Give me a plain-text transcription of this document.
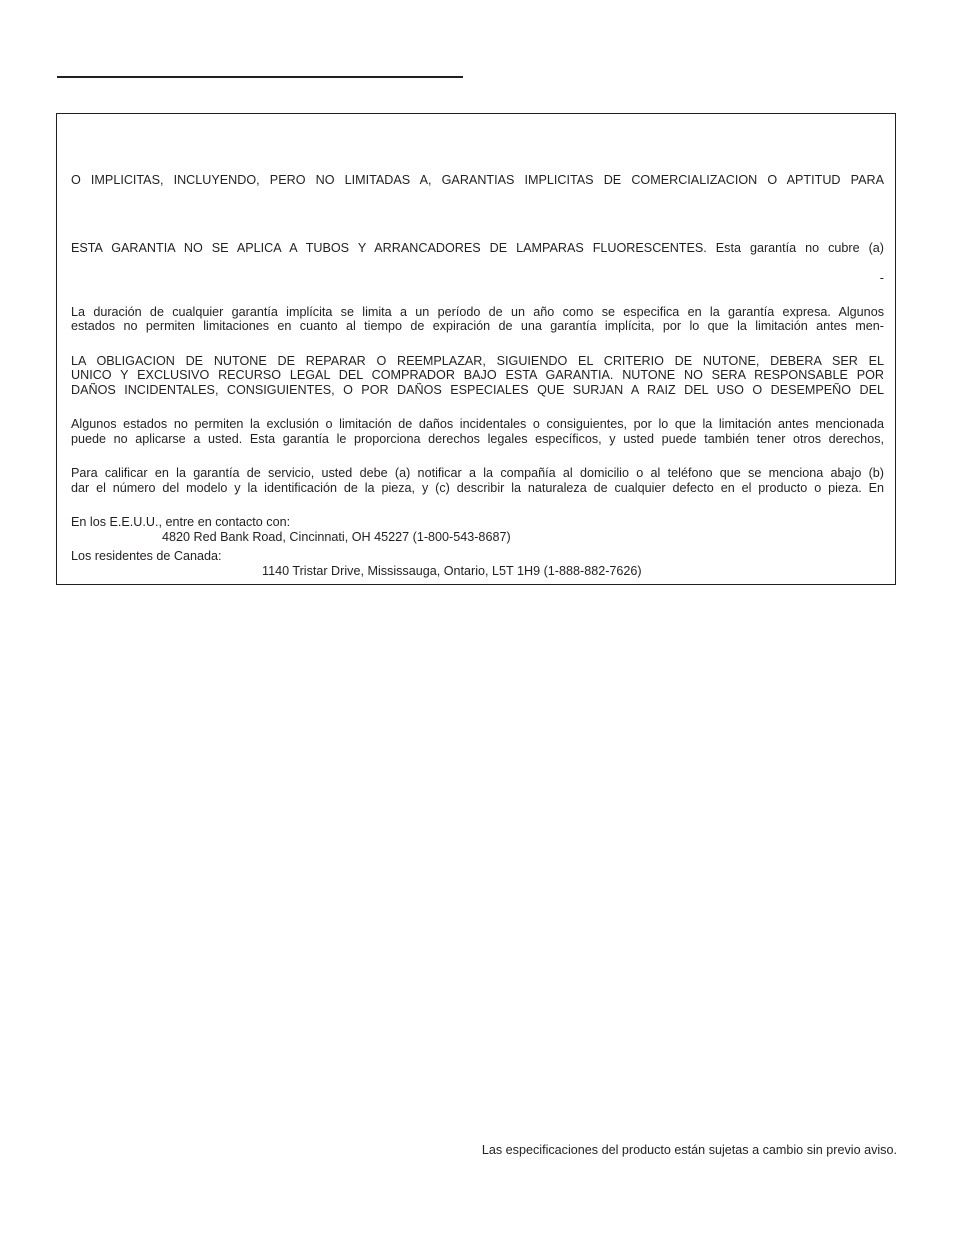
O IMPLICITAS, INCLUYENDO, PERO NO LIMITADAS A, GARANTIAS IMPLICITAS DE COMERCIALIZACION O APTITUD PARA
ESTA GARANTIA NO SE APLICA A TUBOS Y ARRANCADORES DE LAMPARAS FLUORESCENTES. Esta garantía no cubre (a)
-
La duración de cualquier garantía implícita se limita a un período de un año como se especifica en la garantía expresa. Algunos
estados no permiten limitaciones en cuanto al tiempo de expiración de una garantía implícita, por lo que la limitación antes men-
LA OBLIGACION DE NUTONE DE REPARAR O REEMPLAZAR, SIGUIENDO EL CRITERIO DE NUTONE, DEBERA SER EL
UNICO Y EXCLUSIVO RECURSO LEGAL DEL COMPRADOR BAJO ESTA GARANTIA. NUTONE NO SERA RESPONSABLE POR
DAÑOS INCIDENTALES, CONSIGUIENTES, O POR DAÑOS ESPECIALES QUE SURJAN A RAIZ DEL USO O DESEMPEÑO DEL
Algunos estados no permiten la exclusión o limitación de daños incidentales o consiguientes, por lo que la limitación antes mencionada
puede no aplicarse a usted. Esta garantía le proporciona derechos legales específicos, y usted puede también tener otros derechos,
Para calificar en la garantía de servicio, usted debe (a) notificar a la compañía al domicilio o al teléfono que se menciona abajo (b)
dar el número del modelo y la identificación de la pieza, y (c) describir la naturaleza de cualquier defecto en el producto o pieza. En
En los E.E.U.U., entre en contacto con:
4820 Red Bank Road, Cincinnati, OH 45227 (1-800-543-8687)
Los residentes de Canada:
1140 Tristar Drive, Mississauga, Ontario, L5T 1H9 (1-888-882-7626)
Las especificaciones del producto están sujetas a cambio sin previo aviso.
